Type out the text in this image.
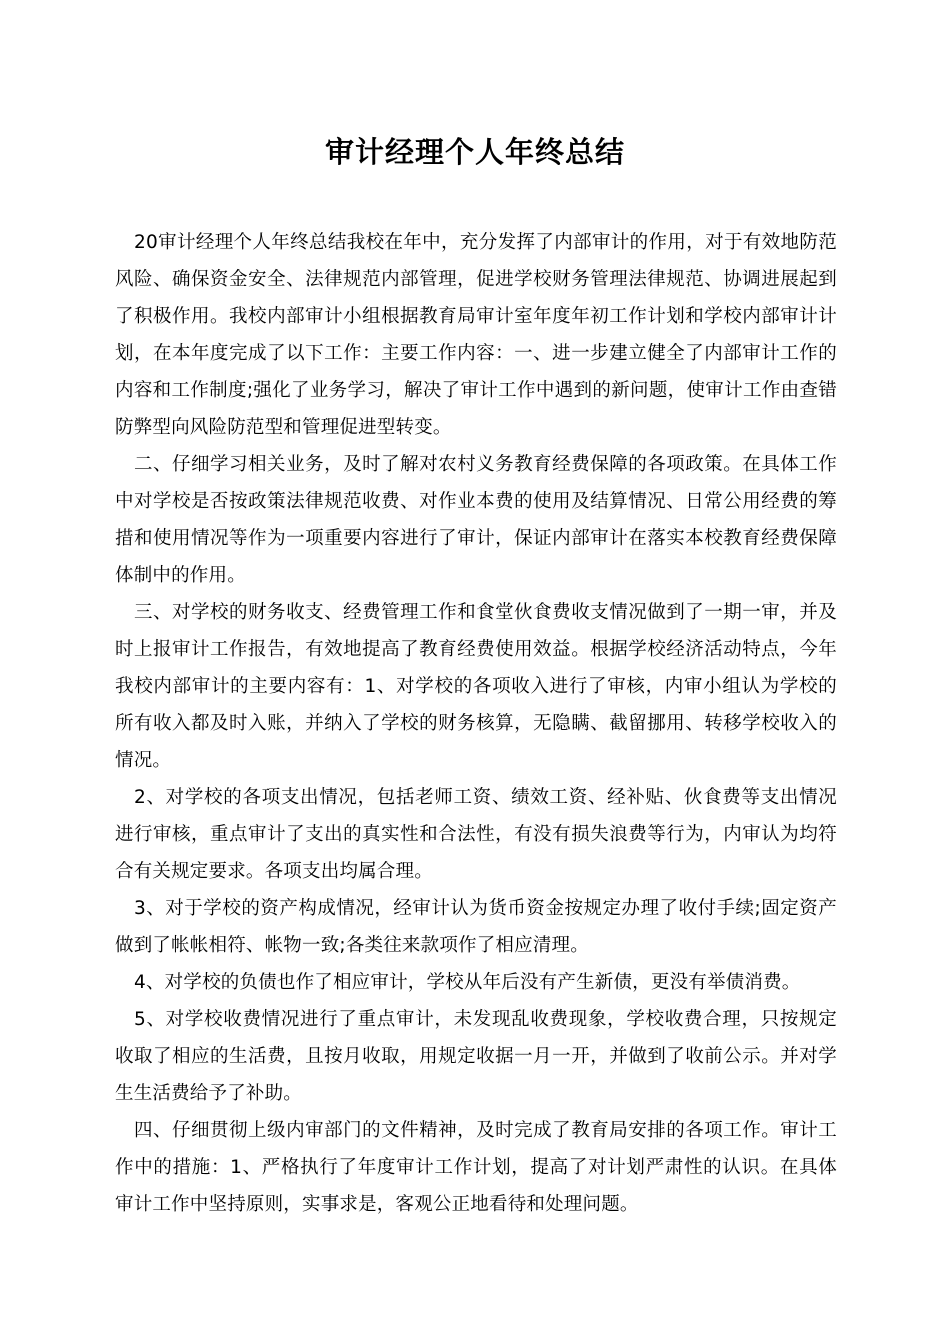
审计经理个人年终总结

20审计经理个人年终总结我校在年中，充分发挥了内部审计的作用，对于有效地防范风险、确保资金安全、法律规范内部管理，促进学校财务管理法律规范、协调进展起到了积极作用。我校内部审计小组根据教育局审计室年度年初工作计划和学校内部审计计划，在本年度完成了以下工作：主要工作内容：一、进一步建立健全了内部审计工作的内容和工作制度;强化了业务学习，解决了审计工作中遇到的新问题，使审计工作由查错防弊型向风险防范型和管理促进型转变。

二、仔细学习相关业务，及时了解对农村义务教育经费保障的各项政策。在具体工作中对学校是否按政策法律规范收费、对作业本费的使用及结算情况、日常公用经费的筹措和使用情况等作为一项重要内容进行了审计，保证内部审计在落实本校教育经费保障体制中的作用。

三、对学校的财务收支、经费管理工作和食堂伙食费收支情况做到了一期一审，并及时上报审计工作报告，有效地提高了教育经费使用效益。根据学校经济活动特点，今年我校内部审计的主要内容有：1、对学校的各项收入进行了审核，内审小组认为学校的所有收入都及时入账，并纳入了学校的财务核算，无隐瞒、截留挪用、转移学校收入的情况。

2、对学校的各项支出情况，包括老师工资、绩效工资、经补贴、伙食费等支出情况进行审核，重点审计了支出的真实性和合法性，有没有损失浪费等行为，内审认为均符合有关规定要求。各项支出均属合理。

3、对于学校的资产构成情况，经审计认为货币资金按规定办理了收付手续;固定资产做到了帐帐相符、帐物一致;各类往来款项作了相应清理。

4、对学校的负债也作了相应审计，学校从年后没有产生新债，更没有举债消费。

5、对学校收费情况进行了重点审计，未发现乱收费现象，学校收费合理，只按规定收取了相应的生活费，且按月收取，用规定收据一月一开，并做到了收前公示。并对学生生活费给予了补助。

四、仔细贯彻上级内审部门的文件精神，及时完成了教育局安排的各项工作。审计工作中的措施：1、严格执行了年度审计工作计划，提高了对计划严肃性的认识。在具体审计工作中坚持原则，实事求是，客观公正地看待和处理问题。
